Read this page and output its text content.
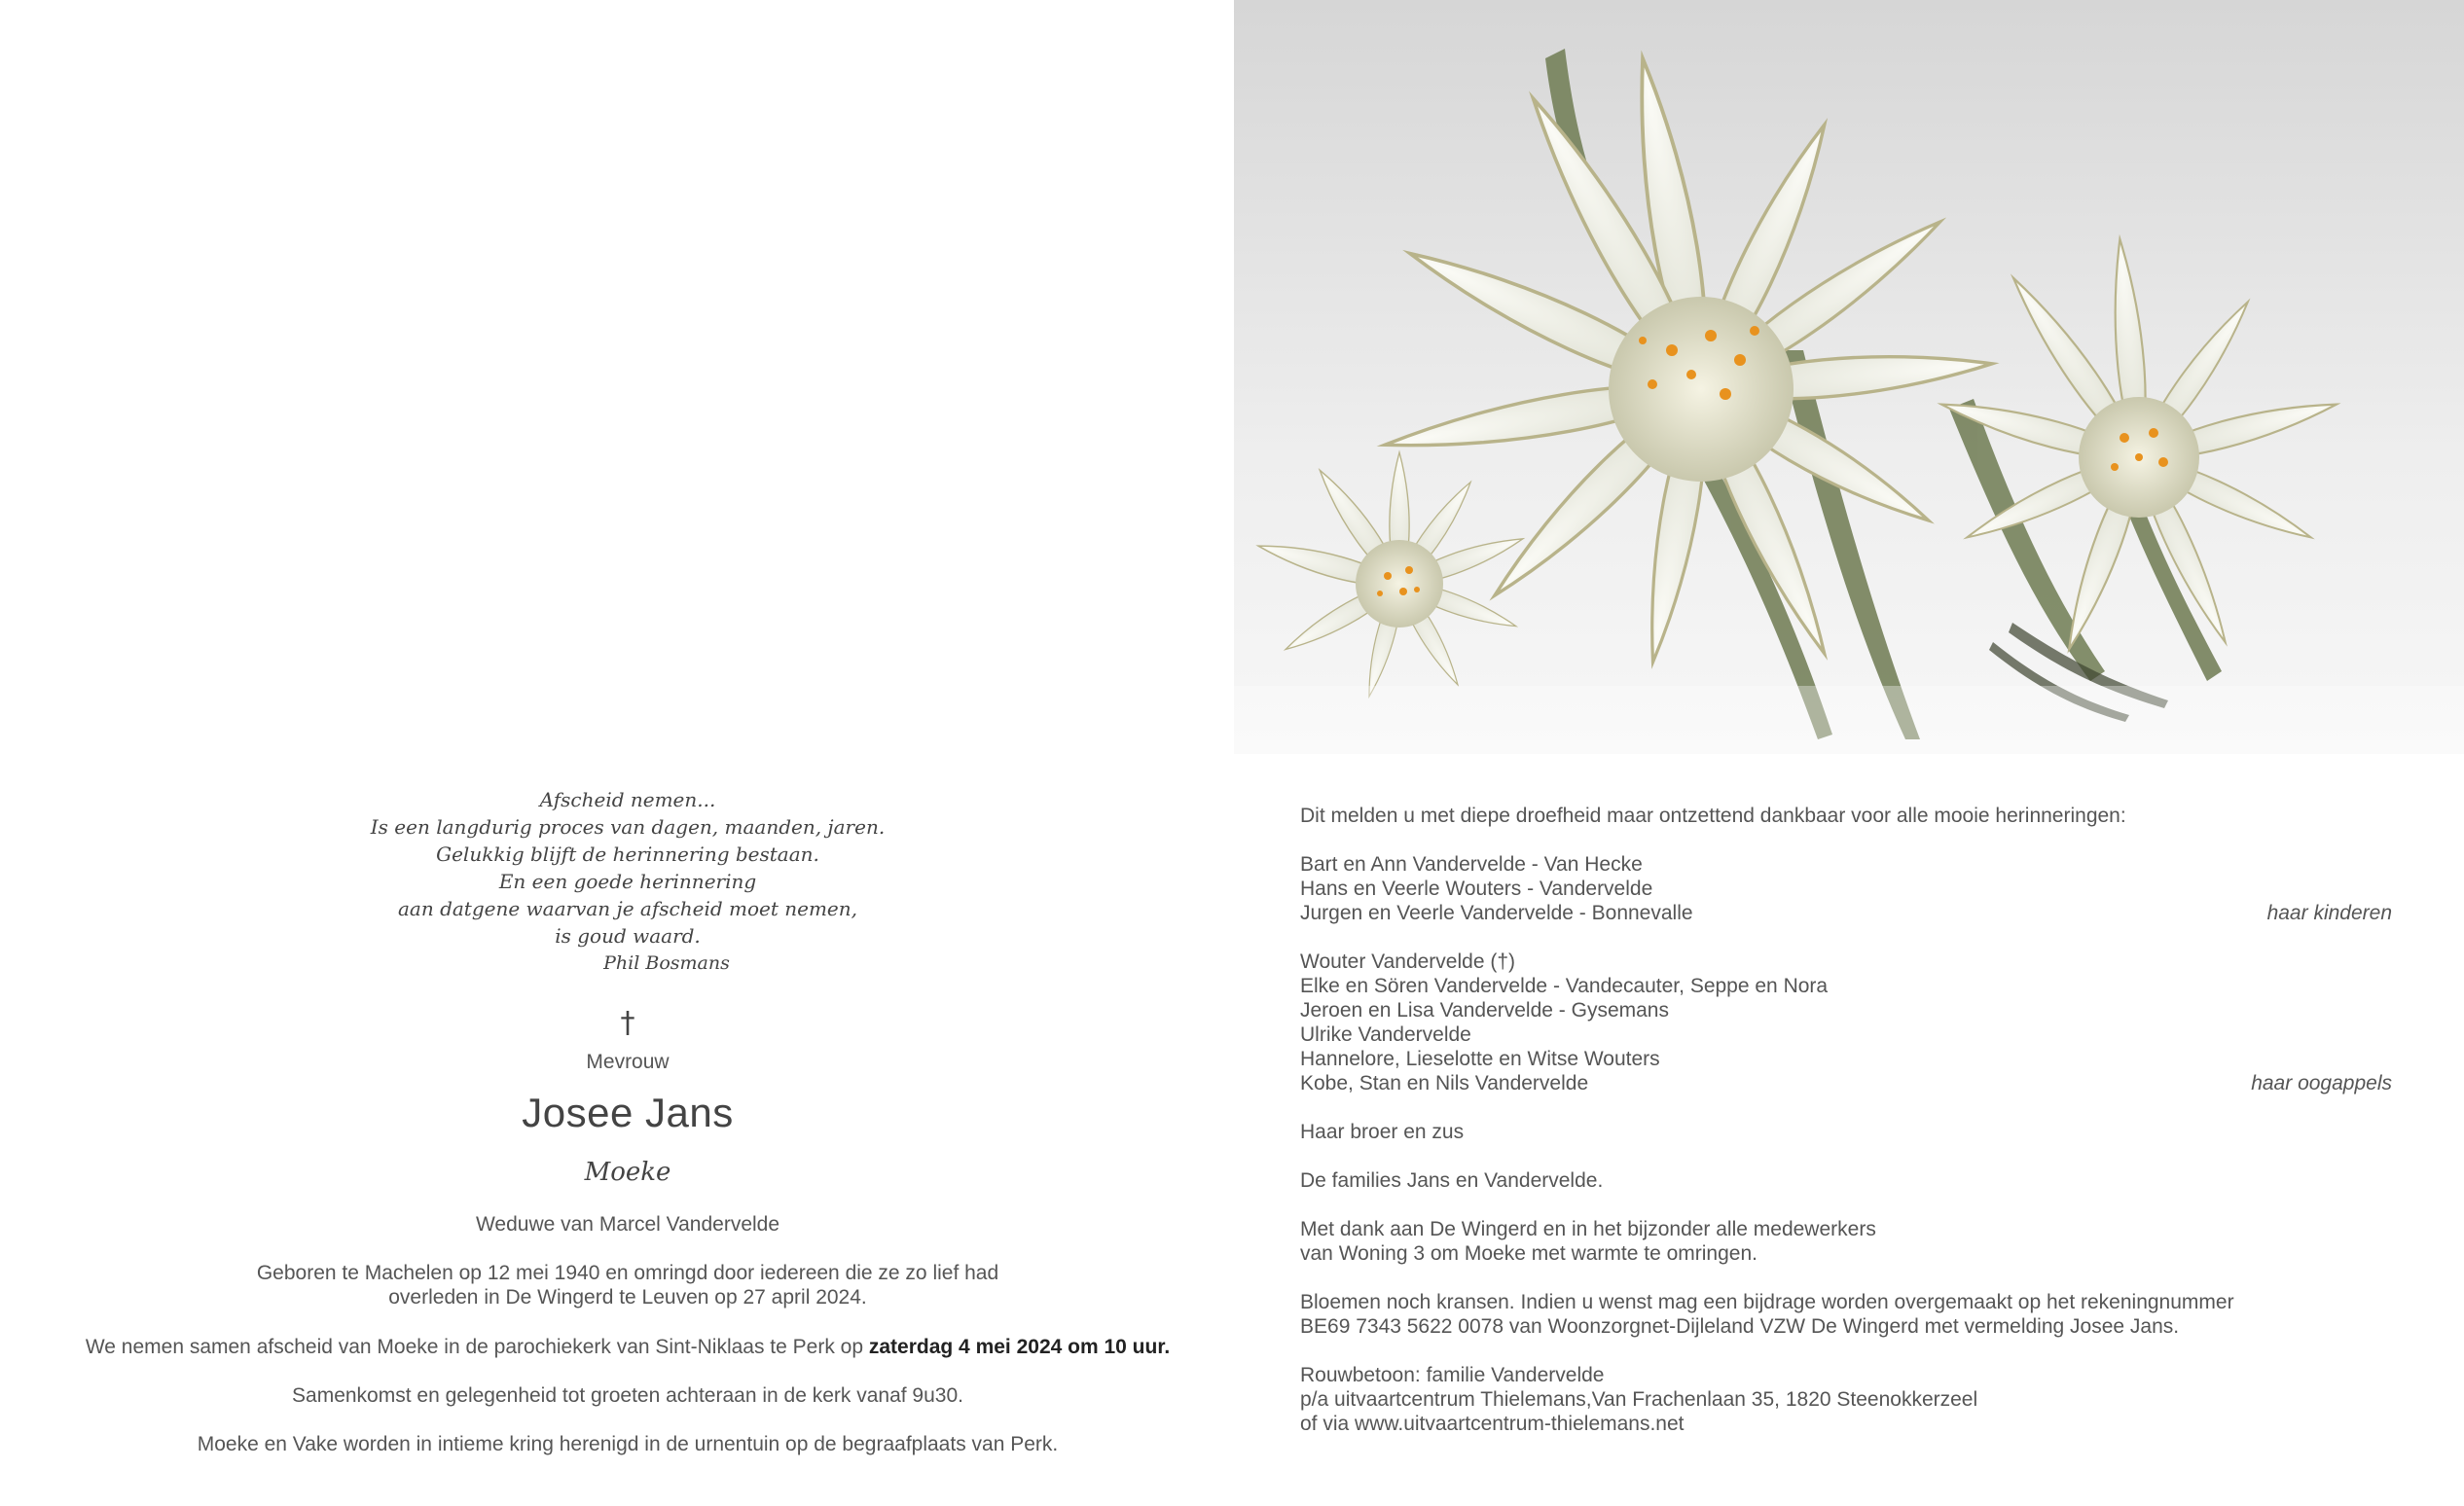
Afscheid nemen...
Is een langdurig proces van dagen, maanden, jaren.
Gelukkig blijft de herinnering bestaan.
En een goede herinnering
aan datgene waarvan je afscheid moet nemen,
is goud waard.
Phil Bosmans
†
Mevrouw
Josee Jans
Moeke
Weduwe van Marcel Vandervelde
Geboren te Machelen op 12 mei 1940 en omringd door iedereen die ze zo lief had
overleden in De Wingerd te Leuven op 27 april 2024.
We nemen samen afscheid van Moeke in de parochiekerk van Sint-Niklaas te Perk op zaterdag 4 mei 2024 om 10 uur.
Samenkomst en gelegenheid tot groeten achteraan in de kerk vanaf 9u30.
Moeke en Vake worden in intieme kring herenigd in de urnentuin op de begraafplaats van Perk.
Dit melden u met diepe droefheid maar ontzettend dankbaar voor alle mooie herinneringen:
Bart en Ann Vandervelde - Van Hecke
Hans en Veerle Wouters - Vandervelde
Jurgen en Veerle Vandervelde - Bonnevalle	haar kinderen
Wouter Vandervelde (†)
Elke en Sören Vandervelde - Vandecauter, Seppe en Nora
Jeroen en Lisa Vandervelde - Gysemans
Ulrike Vandervelde
Hannelore, Lieselotte en Witse Wouters
Kobe, Stan en Nils Vandervelde	haar oogappels
Haar broer en zus
De families Jans en Vandervelde.
Met dank aan De Wingerd en in het bijzonder alle medewerkers
van Woning 3 om Moeke met warmte te omringen.
Bloemen noch kransen. Indien u wenst mag een bijdrage worden overgemaakt op het rekeningnummer
BE69 7343 5622 0078 van Woonzorgnet-Dijleland VZW De Wingerd met vermelding Josee Jans.
Rouwbetoon: familie Vandervelde
p/a uitvaartcentrum Thielemans,Van Frachenlaan 35, 1820 Steenokkerzeel
of via www.uitvaartcentrum-thielemans.net
